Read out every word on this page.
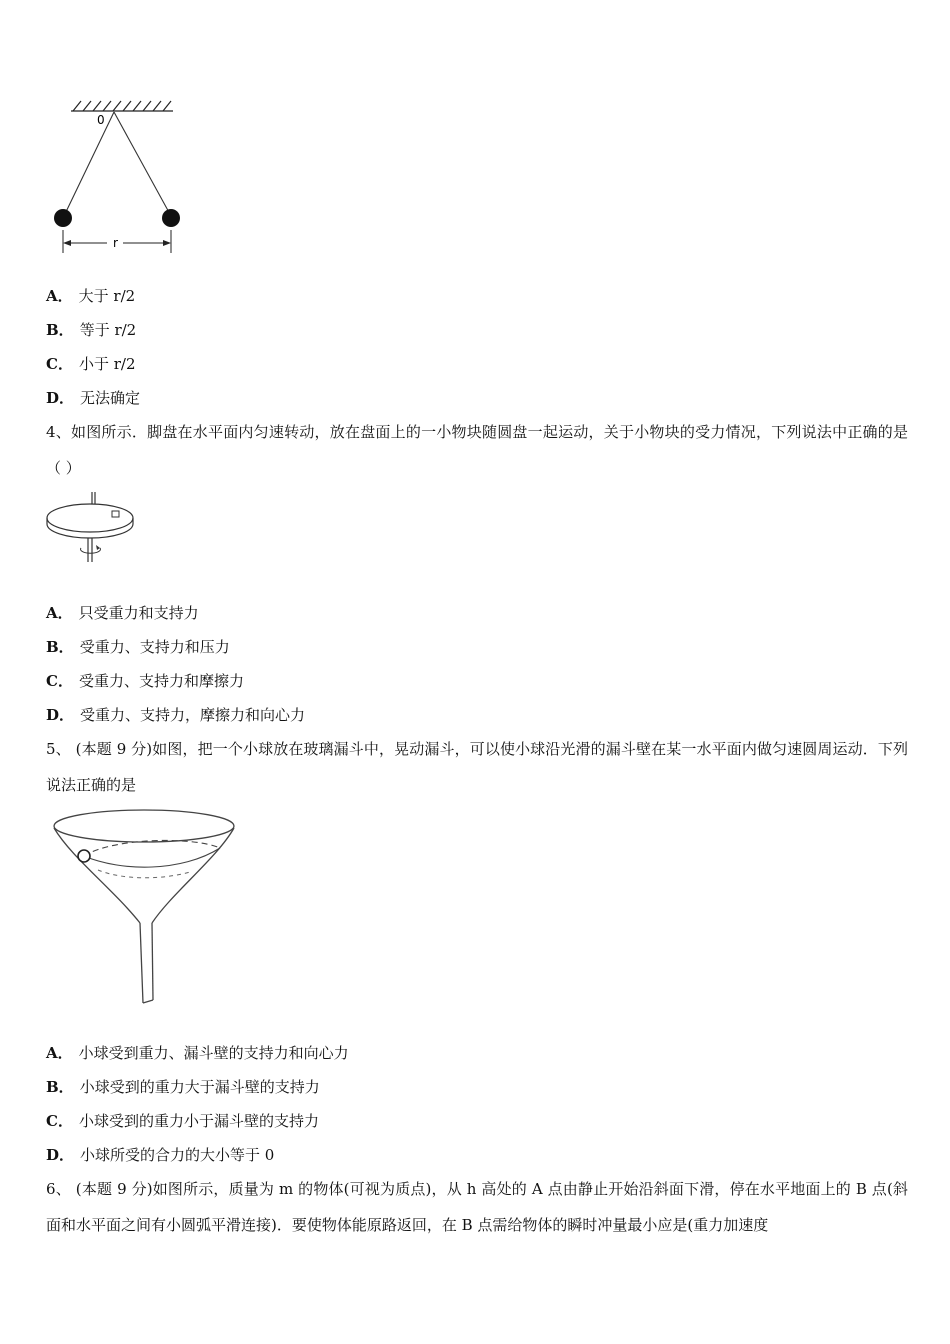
0
r
A． 大于 r/2
B． 等于 r/2
C． 小于 r/2
D． 无法确定
4、如图所示．脚盘在水平面内匀速转动，放在盘面上的一小物块随圆盘一起运动，关于小物块的受力情况，下列说法中正确的是（ ）
A． 只受重力和支持力
B． 受重力、支持力和压力
C． 受重力、支持力和摩擦力
D． 受重力、支持力，摩擦力和向心力
5、 (本题 9 分)如图，把一个小球放在玻璃漏斗中，晃动漏斗，可以使小球沿光滑的漏斗壁在某一水平面内做匀速圆周运动．下列说法正确的是
A． 小球受到重力、漏斗壁的支持力和向心力
B． 小球受到的重力大于漏斗壁的支持力
C． 小球受到的重力小于漏斗壁的支持力
D． 小球所受的合力的大小等于 0
6、 (本题 9 分)如图所示，质量为 m 的物体(可视为质点)，从 h 高处的 A 点由静止开始沿斜面下滑，停在水平地面上的 B 点(斜面和水平面之间有小圆弧平滑连接)．要使物体能原路返回，在 B 点需给物体的瞬时冲量最小应是(重力加速度
